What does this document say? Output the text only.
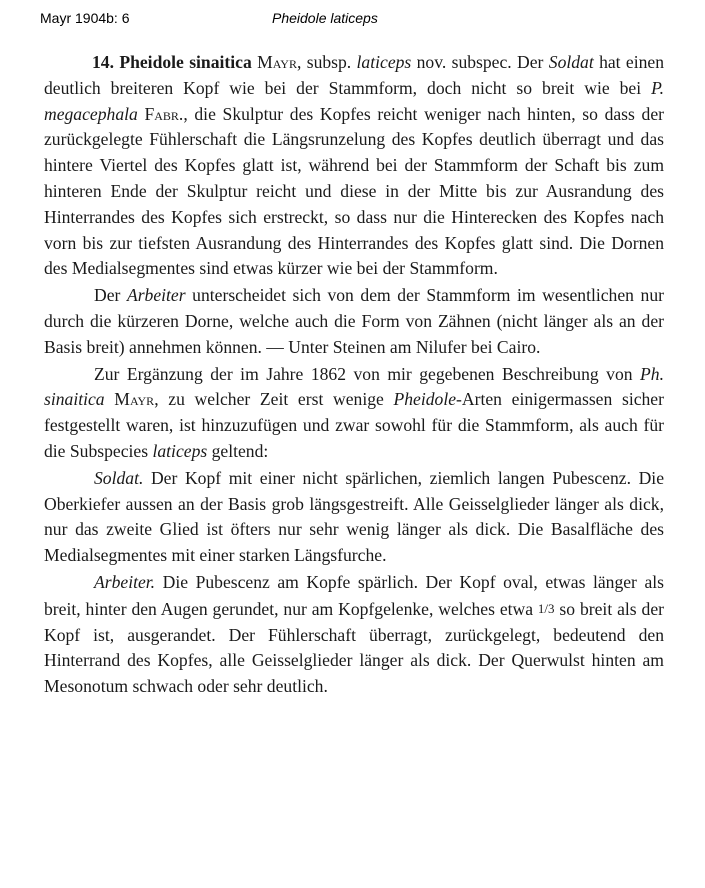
Mayr 1904b: 6	Pheidole laticeps

14. Pheidole sinaitica Mayr, subsp. laticeps nov. subspec. Der Soldat hat einen deutlich breiteren Kopf wie bei der Stammform, doch nicht so breit wie bei P. megacephala Fabr., die Skulptur des Kopfes reicht weniger nach hinten, so dass der zurückgelegte Fühlerschaft die Längsrunzelung des Kopfes deutlich überragt und das hintere Viertel des Kopfes glatt ist, während bei der Stammform der Schaft bis zum hinteren Ende der Skulptur reicht und diese in der Mitte bis zur Ausrandung des Hinterrandes des Kopfes sich erstreckt, so dass nur die Hinterecken des Kopfes nach vorn bis zur tiefsten Ausrandung des Hinterrandes des Kopfes glatt sind. Die Dornen des Medialsegmentes sind etwas kürzer wie bei der Stammform.

Der Arbeiter unterscheidet sich von dem der Stammform im wesentlichen nur durch die kürzeren Dorne, welche auch die Form von Zähnen (nicht länger als an der Basis breit) annehmen können. — Unter Steinen am Nilufer bei Cairo.

Zur Ergänzung der im Jahre 1862 von mir gegebenen Beschreibung von Ph. sinaitica Mayr, zu welcher Zeit erst wenige Pheidole-Arten einigermassen sicher festgestellt waren, ist hinzuzufügen und zwar sowohl für die Stammform, als auch für die Subspecies laticeps geltend:

Soldat. Der Kopf mit einer nicht spärlichen, ziemlich langen Pubescenz. Die Oberkiefer aussen an der Basis grob längsgestreift. Alle Geisselglieder länger als dick, nur das zweite Glied ist öfters nur sehr wenig länger als dick. Die Basalfläche des Medialsegmentes mit einer starken Längsfurche.

Arbeiter. Die Pubescenz am Kopfe spärlich. Der Kopf oval, etwas länger als breit, hinter den Augen gerundet, nur am Kopfgelenke, welches etwa 1/3 so breit als der Kopf ist, ausgerandet. Der Fühlerschaft überragt, zurückgelegt, bedeutend den Hinterrand des Kopfes, alle Geisselglieder länger als dick. Der Querwulst hinten am Mesonotum schwach oder sehr deutlich.
